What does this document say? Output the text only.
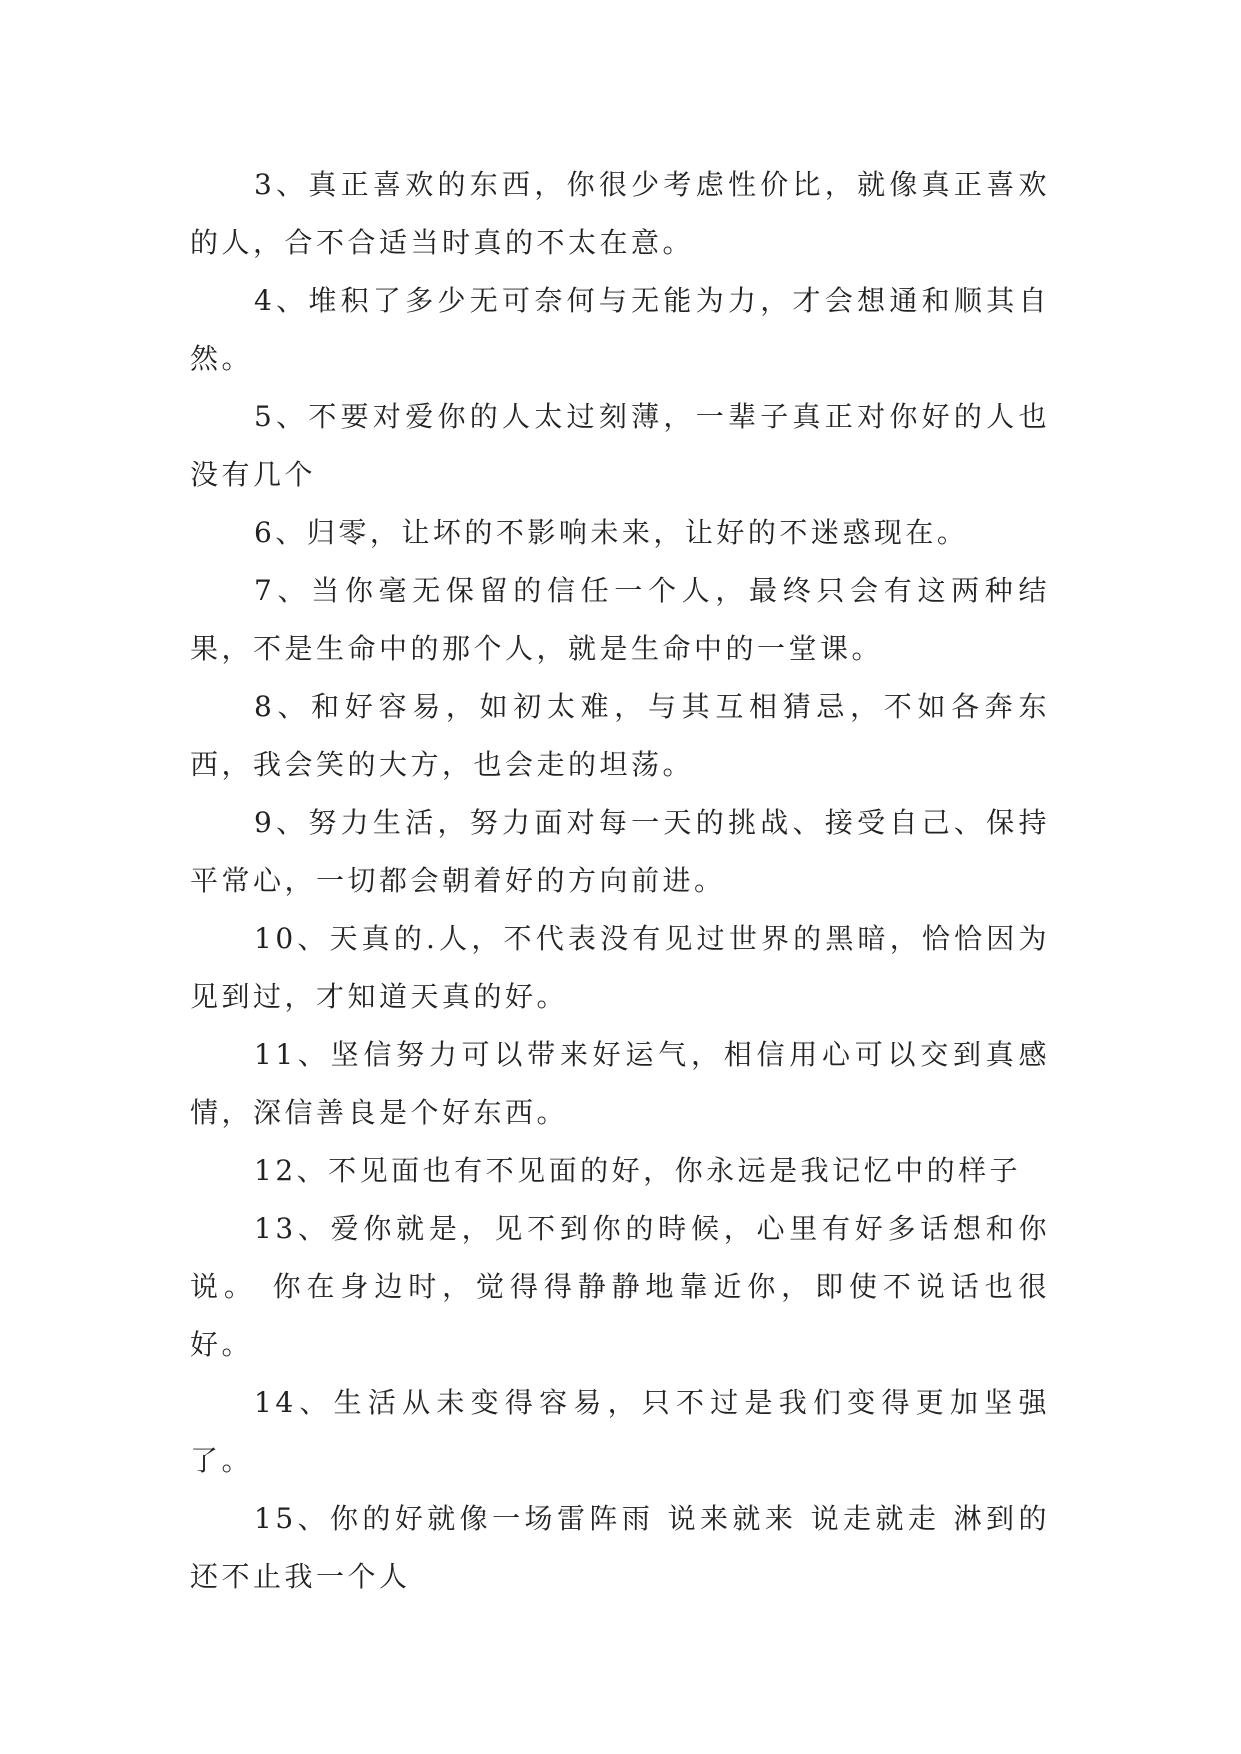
3、真正喜欢的东西，你很少考虑性价比，就像真正喜欢的人，合不合适当时真的不太在意。

4、堆积了多少无可奈何与无能为力，才会想通和顺其自然。

5、不要对爱你的人太过刻薄，一辈子真正对你好的人也没有几个

6、归零，让坏的不影响未来，让好的不迷惑现在。

7、当你毫无保留的信任一个人，最终只会有这两种结果，不是生命中的那个人，就是生命中的一堂课。

8、和好容易，如初太难，与其互相猜忌，不如各奔东西，我会笑的大方，也会走的坦荡。

9、努力生活，努力面对每一天的挑战、接受自己、保持平常心，一切都会朝着好的方向前进。

10、天真的.人，不代表没有见过世界的黑暗，恰恰因为见到过，才知道天真的好。

11、坚信努力可以带来好运气，相信用心可以交到真感情，深信善良是个好东西。

12、不见面也有不见面的好，你永远是我记忆中的样子

13、爱你就是，见不到你的時候，心里有好多话想和你说。 你在身边时，觉得得静静地靠近你，即使不说话也很好。

14、生活从未变得容易，只不过是我们变得更加坚强了。

15、你的好就像一场雷阵雨 说来就来 说走就走 淋到的还不止我一个人
